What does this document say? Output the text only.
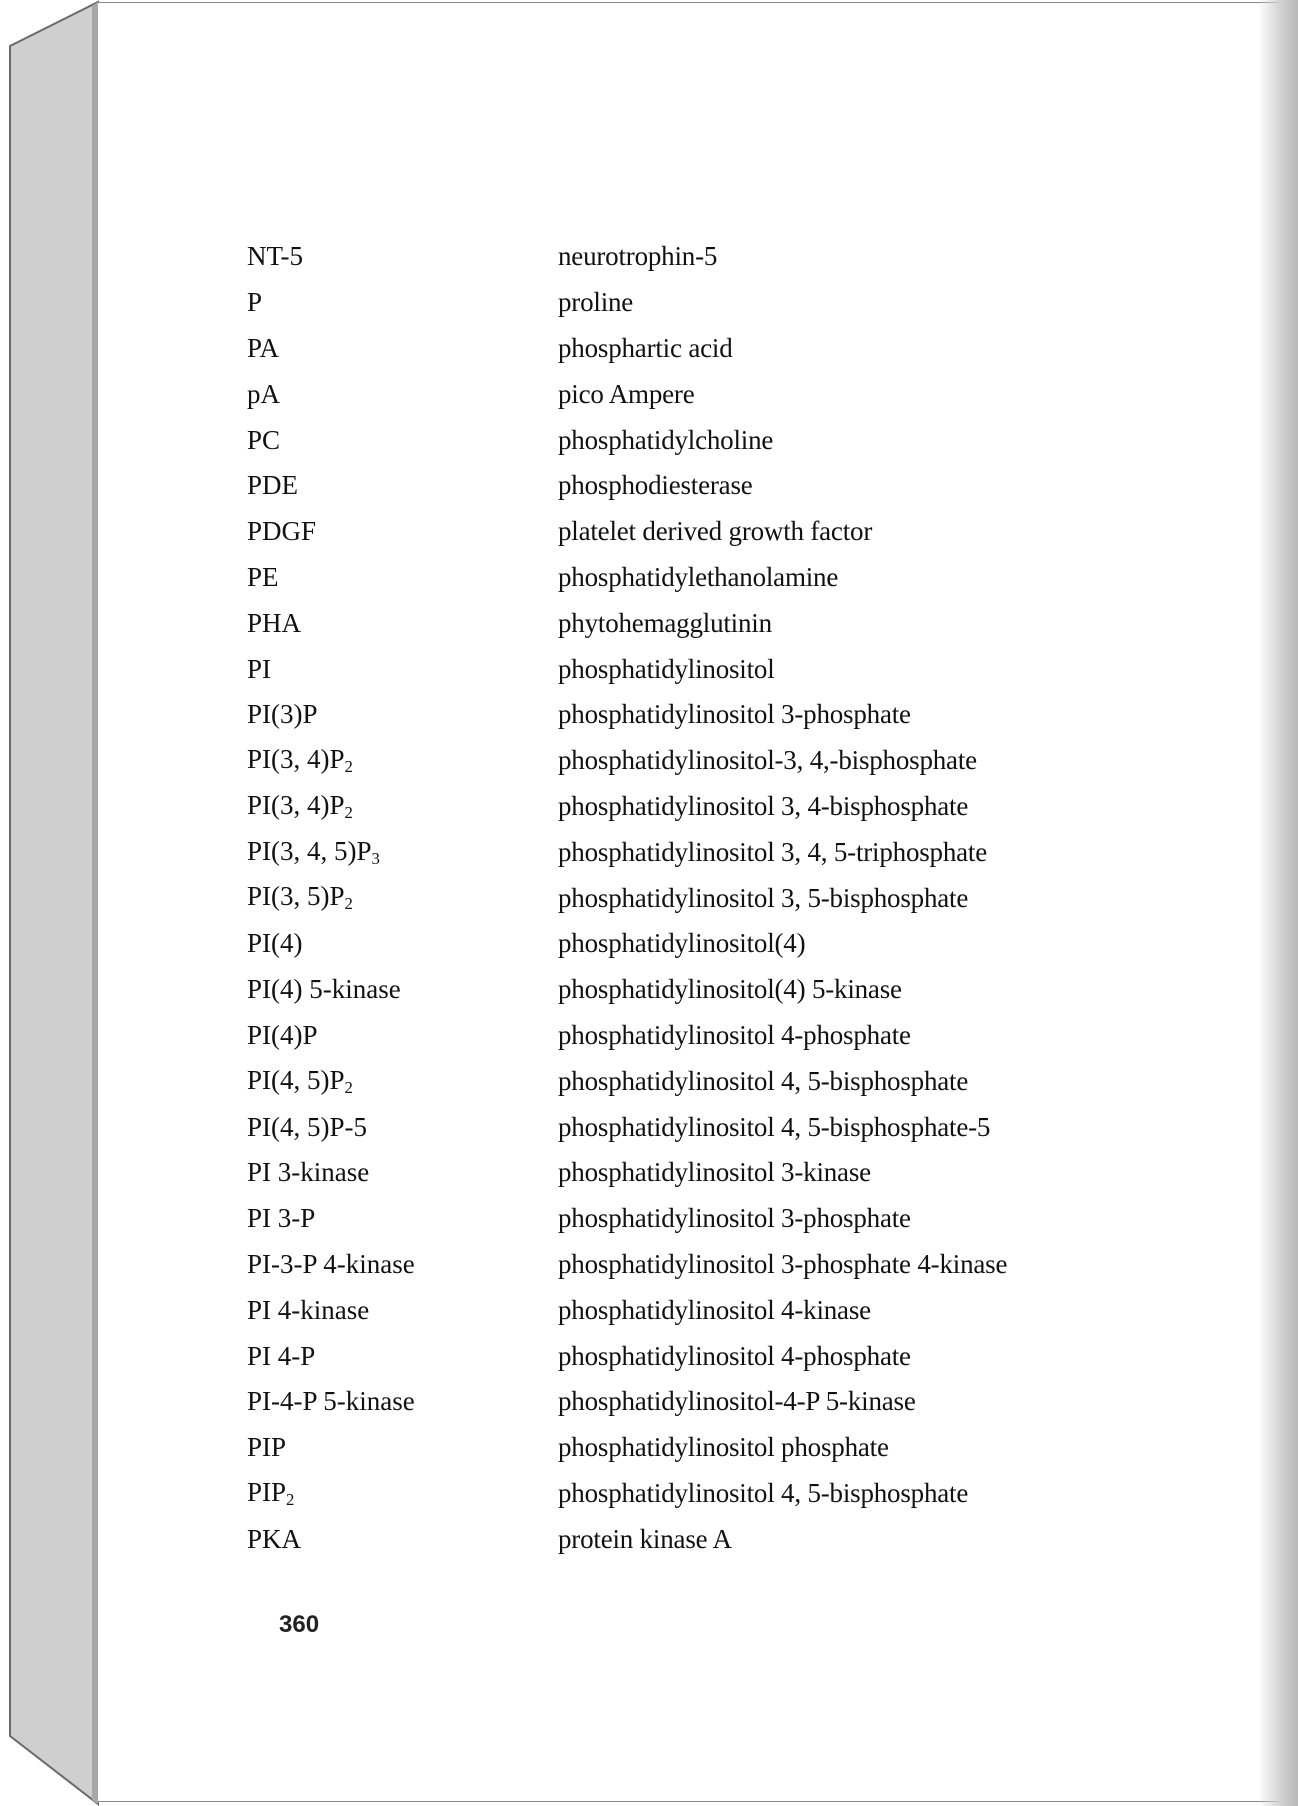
NT-5	neurotrophin-5
P	proline
PA	phosphartic acid
pA	pico Ampere
PC	phosphatidylcholine
PDE	phosphodiesterase
PDGF	platelet derived growth factor
PE	phosphatidylethanolamine
PHA	phytohemagglutinin
PI	phosphatidylinositol
PI(3)P	phosphatidylinositol 3-phosphate
PI(3, $4)P_2$	phosphatidylinositol-3, 4,-bisphosphate
PI(3, $4)P_2$	phosphatidylinositol 3, 4-bisphosphate
PI(3, 4, $5)P_3$	phosphatidylinositol 3, 4, 5-triphosphate
PI(3, $5)P_2$	phosphatidylinositol 3, 5-bisphosphate
PI(4)	phosphatidylinositol(4)
PI(4) 5-kinase	phosphatidylinositol(4) 5-kinase
PI(4)P	phosphatidylinositol 4-phosphate
PI(4, $5)P_2$	phosphatidylinositol 4, 5-bisphosphate
PI(4, 5)P-5	phosphatidylinositol 4, 5-bisphosphate-5
PI 3-kinase	phosphatidylinositol 3-kinase
PI 3-P	phosphatidylinositol 3-phosphate
PI-3-P 4-kinase	phosphatidylinositol 3-phosphate 4-kinase
PI 4-kinase	phosphatidylinositol 4-kinase
PI 4-P	phosphatidylinositol 4-phosphate
PI-4-P 5-kinase	phosphatidylinositol-4-P 5-kinase
PIP	phosphatidylinositol phosphate
$PIP_2$	phosphatidylinositol 4, 5-bisphosphate
PKA	protein kinase A
360
